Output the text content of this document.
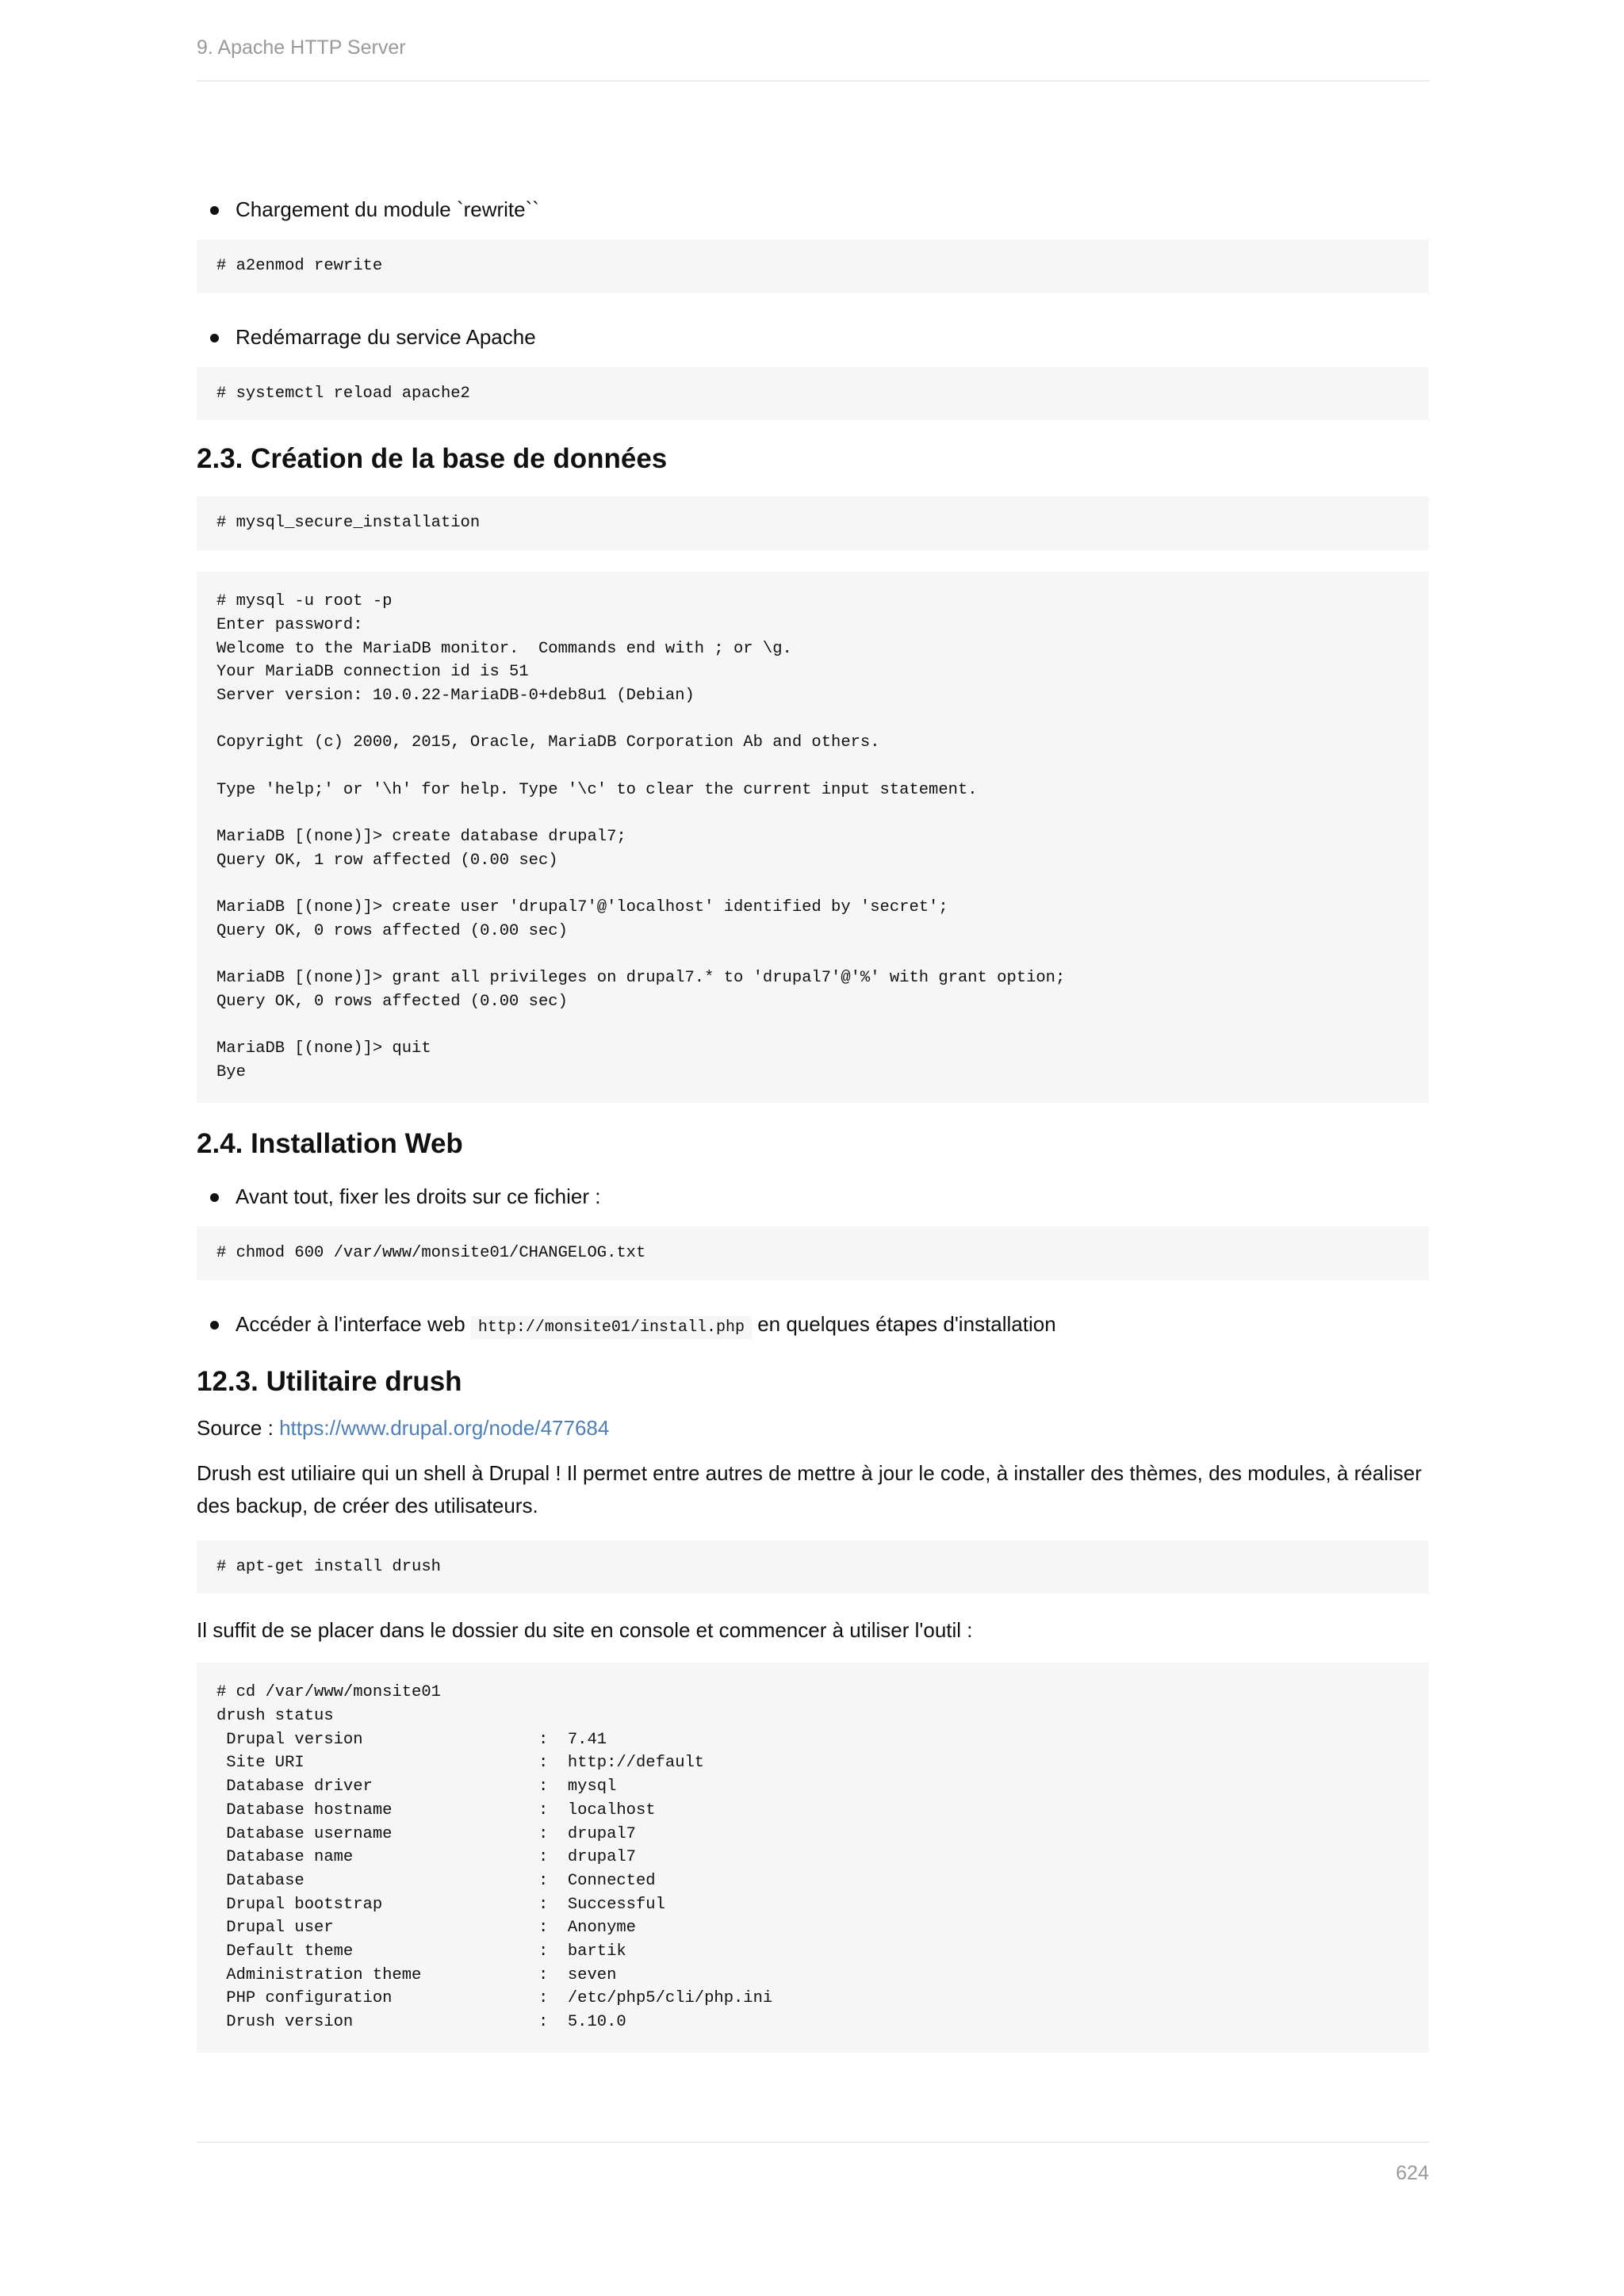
9. Apache HTTP Server
Chargement du module `rewrite``
# a2enmod rewrite
Redémarrage du service Apache
# systemctl reload apache2
2.3. Création de la base de données
# mysql_secure_installation
# mysql -u root -p
Enter password:
Welcome to the MariaDB monitor.  Commands end with ; or \g.
Your MariaDB connection id is 51
Server version: 10.0.22-MariaDB-0+deb8u1 (Debian)

Copyright (c) 2000, 2015, Oracle, MariaDB Corporation Ab and others.

Type 'help;' or '\h' for help. Type '\c' to clear the current input statement.

MariaDB [(none)]> create database drupal7;
Query OK, 1 row affected (0.00 sec)

MariaDB [(none)]> create user 'drupal7'@'localhost' identified by 'secret';
Query OK, 0 rows affected (0.00 sec)

MariaDB [(none)]> grant all privileges on drupal7.* to 'drupal7'@'%' with grant option;
Query OK, 0 rows affected (0.00 sec)

MariaDB [(none)]> quit
Bye
2.4. Installation Web
Avant tout, fixer les droits sur ce fichier :
# chmod 600 /var/www/monsite01/CHANGELOG.txt
Accéder à l'interface web http://monsite01/install.php en quelques étapes d'installation
12.3. Utilitaire drush
Source : https://www.drupal.org/node/477684
Drush est utiliaire qui un shell à Drupal ! Il permet entre autres de mettre à jour le code, à installer des thèmes, des modules, à réaliser des backup, de créer des utilisateurs.
# apt-get install drush
Il suffit de se placer dans le dossier du site en console et commencer à utiliser l'outil :
# cd /var/www/monsite01
drush status
Drupal version                  :  7.41
Site URI                        :  http://default
Database driver                 :  mysql
Database hostname               :  localhost
Database username               :  drupal7
Database name                   :  drupal7
Database                        :  Connected
Drupal bootstrap                :  Successful
Drupal user                     :  Anonyme
Default theme                   :  bartik
Administration theme            :  seven
PHP configuration               :  /etc/php5/cli/php.ini
Drush version                   :  5.10.0

624
